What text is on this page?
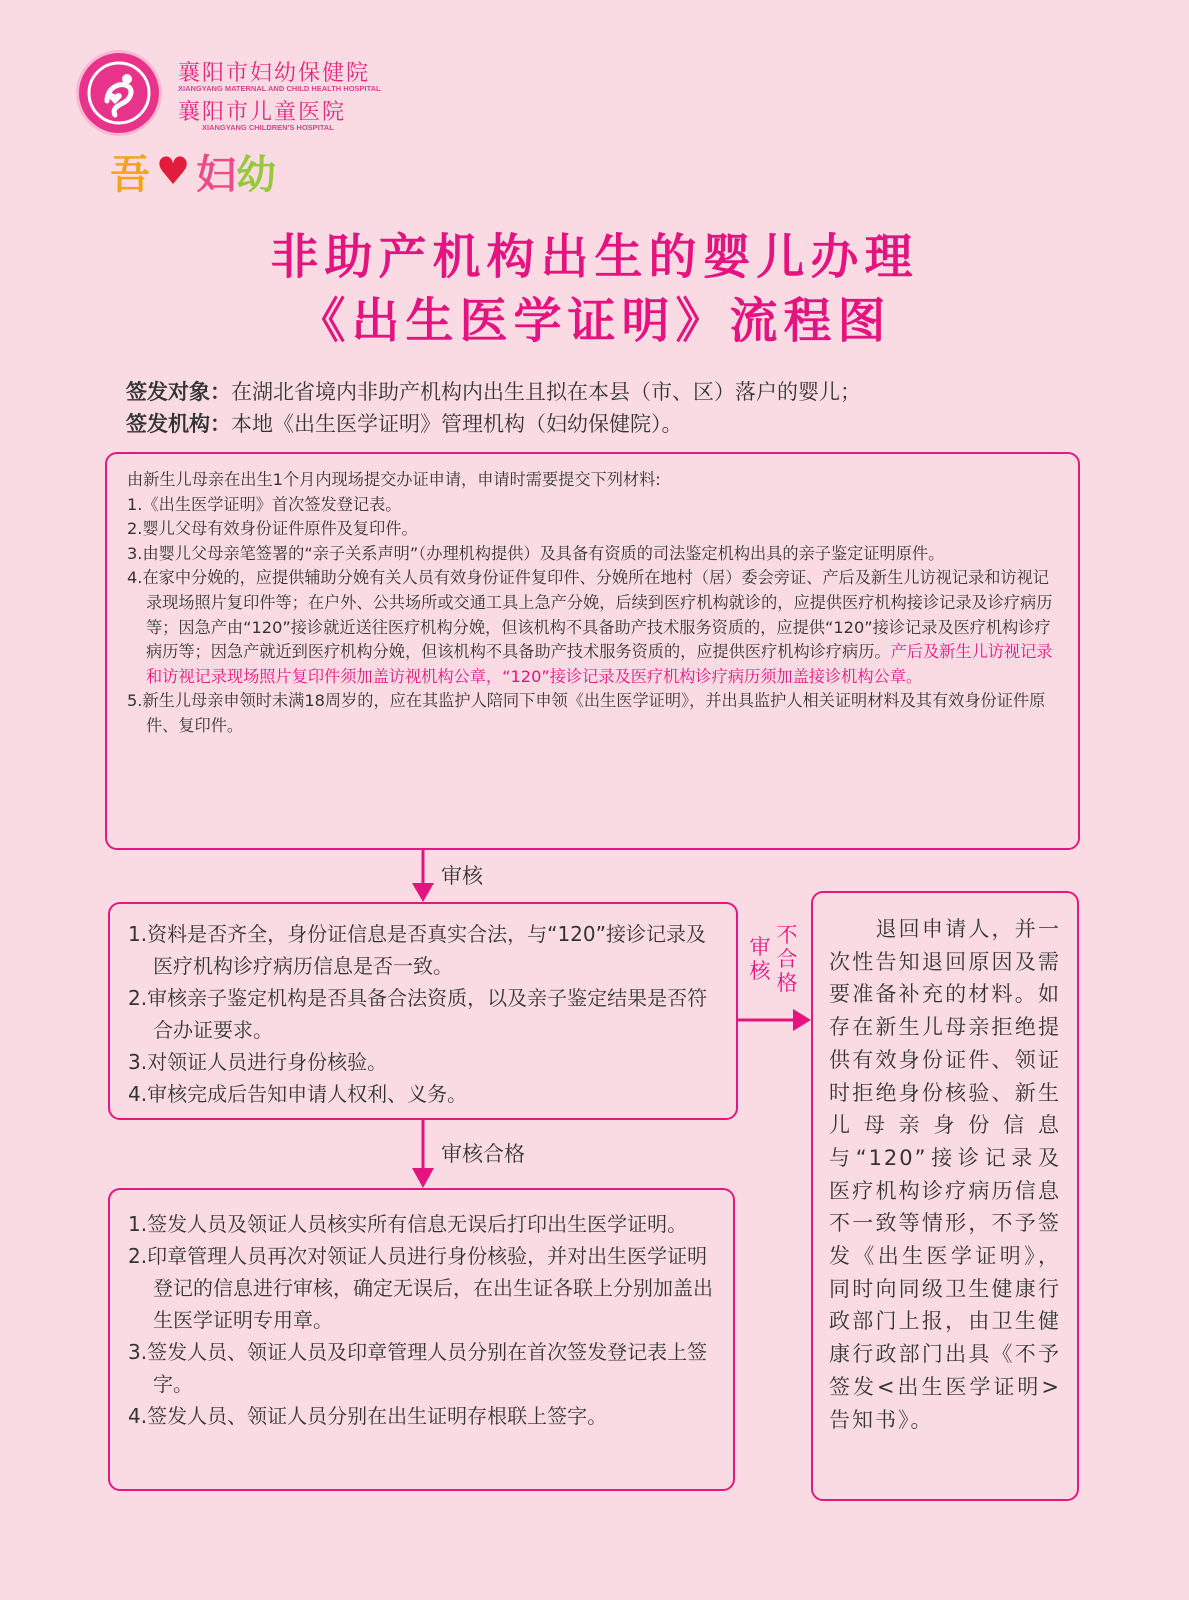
襄阳市妇幼保健院
XIANGYANG MATERNAL AND CHILD HEALTH HOSPITAL
襄阳市儿童医院
XIANGYANG CHILDREN'S HOSPITAL
吾 ♥ 妇 幼
非助产机构出生的婴儿办理
《出生医学证明》流程图
签发对象：在湖北省境内非助产机构内出生且拟在本县（市、区）落户的婴儿；
签发机构：本地《出生医学证明》管理机构（妇幼保健院）。
由新生儿母亲在出生1个月内现场提交办证申请，申请时需要提交下列材料:
1.《出生医学证明》首次签发登记表。
2.婴儿父母有效身份证件原件及复印件。
3.由婴儿父母亲笔签署的“亲子关系声明”（办理机构提供）及具备有资质的司法鉴定机构出具的亲子鉴定证明原件。
4.在家中分娩的，应提供辅助分娩有关人员有效身份证件复印件、分娩所在地村（居）委会旁证、产后及新生儿访视记录和访视记录现场照片复印件等；在户外、公共场所或交通工具上急产分娩，后续到医疗机构就诊的，应提供医疗机构接诊记录及诊疗病历等；因急产由“120”接诊就近送往医疗机构分娩，但该机构不具备助产技术服务资质的，应提供“120”接诊记录及医疗机构诊疗病历等；因急产就近到医疗机构分娩，但该机构不具备助产技术服务资质的，应提供医疗机构诊疗病历。产后及新生儿访视记录和访视记录现场照片复印件须加盖访视机构公章，“120”接诊记录及医疗机构诊疗病历须加盖接诊机构公章。
5.新生儿母亲申领时未满18周岁的，应在其监护人陪同下申领《出生医学证明》，并出具监护人相关证明材料及其有效身份证件原件、复印件。
审核
审核合格
审核
不合格
1.资料是否齐全，身份证信息是否真实合法，与“120”接诊记录及医疗机构诊疗病历信息是否一致。
2.审核亲子鉴定机构是否具备合法资质，以及亲子鉴定结果是否符合办证要求。
3.对领证人员进行身份核验。
4.审核完成后告知申请人权利、义务。
1.签发人员及领证人员核实所有信息无误后打印出生医学证明。
2.印章管理人员再次对领证人员进行身份核验，并对出生医学证明登记的信息进行审核，确定无误后，在出生证各联上分别加盖出生医学证明专用章。
3.签发人员、领证人员及印章管理人员分别在首次签发登记表上签字。
4.签发人员、领证人员分别在出生证明存根联上签字。
　　退回申请人，并一次性告知退回原因及需要准备补充的材料。如存在新生儿母亲拒绝提供有效身份证件、领证时拒绝身份核验、新生儿母亲身份信息与“120”接诊记录及医疗机构诊疗病历信息不一致等情形，不予签发《出生医学证明》，同时向同级卫生健康行政部门上报，由卫生健康行政部门出具《不予签发<出生医学证明>告知书》。
